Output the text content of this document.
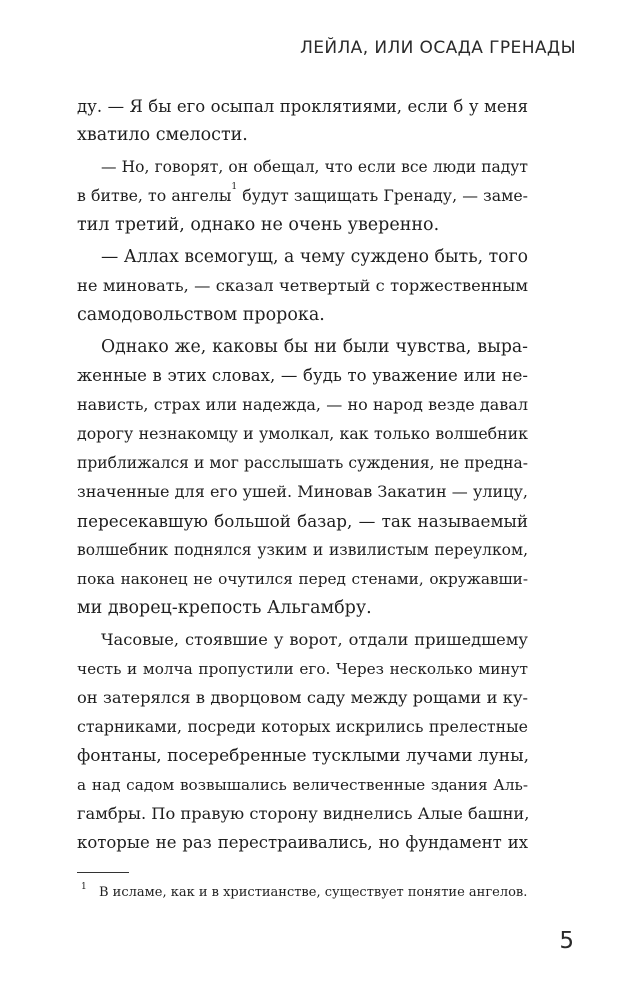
ЛЕЙЛА, ИЛИ ОСАДА ГРЕНАДЫ
ду. — Я бы его осыпал проклятиями, если б у меня
хватило смелости.
— Но, говорят, он обещал, что если все люди падут
в битве, то ангелы$^1$ будут защищать Гренаду, — заме-
тил третий, однако не очень уверенно.
— Аллах всемогущ, а чему суждено быть, того
не миновать, — сказал четвертый с торжественным
самодовольством пророка.
Однако же, каковы бы ни были чувства, выра-
женные в этих словах, — будь то уважение или не-
нависть, страх или надежда, — но народ везде давал
дорогу незнакомцу и умолкал, как только волшебник
приближался и мог расслышать суждения, не предна-
значенные для его ушей. Миновав Закатин — улицу,
пересекавшую большой базар, — так называемый
волшебник поднялся узким и извилистым переулком,
пока наконец не очутился перед стенами, окружавши-
ми дворец-крепость Альгамбру.
Часовые, стоявшие у ворот, отдали пришедшему
честь и молча пропустили его. Через несколько минут
он затерялся в дворцовом саду между рощами и ку-
старниками, посреди которых искрились прелестные
фонтаны, посеребренные тусклыми лучами луны,
а над садом возвышались величественные здания Аль-
гамбры. По правую сторону виднелись Алые башни,
которые не раз перестраивались, но фундамент их
1 В исламе, как и в христианстве, существует понятие ангелов.
5
